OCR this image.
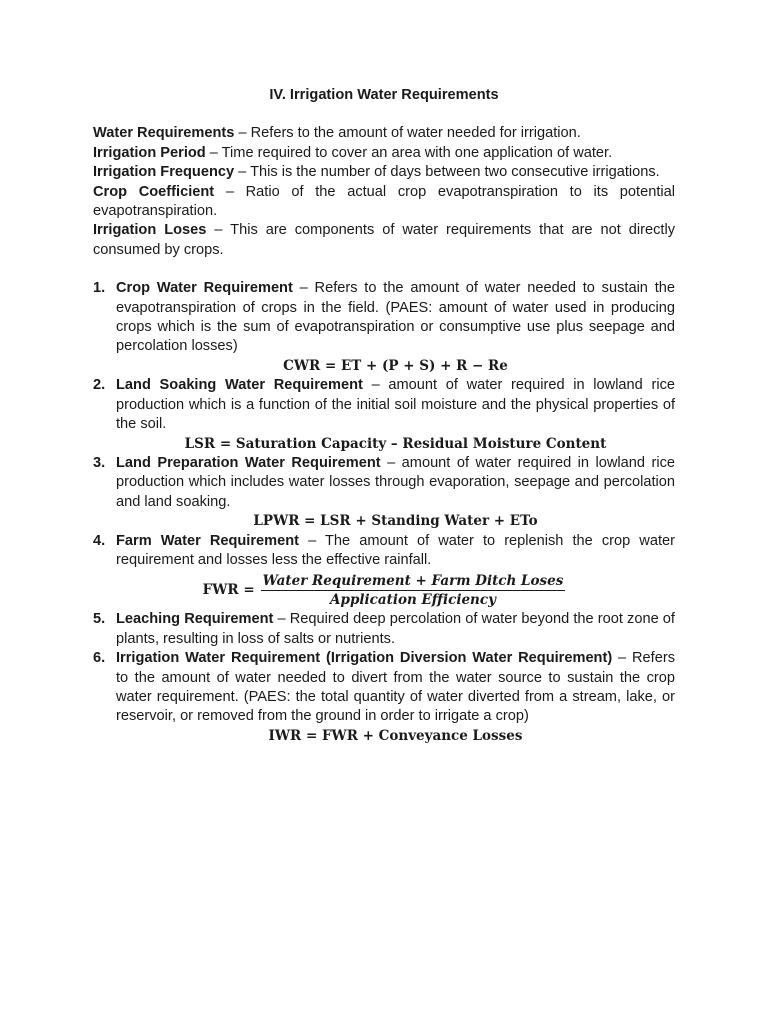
IV. Irrigation Water Requirements
Water Requirements – Refers to the amount of water needed for irrigation.
Irrigation Period – Time required to cover an area with one application of water.
Irrigation Frequency – This is the number of days between two consecutive irrigations.
Crop Coefficient – Ratio of the actual crop evapotranspiration to its potential evapotranspiration.
Irrigation Loses – This are components of water requirements that are not directly consumed by crops.
1. Crop Water Requirement – Refers to the amount of water needed to sustain the evapotranspiration of crops in the field. (PAES: amount of water used in producing crops which is the sum of evapotranspiration or consumptive use plus seepage and percolation losses)
CWR = ET + (P + S) + R − Re
2. Land Soaking Water Requirement – amount of water required in lowland rice production which is a function of the initial soil moisture and the physical properties of the soil.
LSR = Saturation Capacity – Residual Moisture Content
3. Land Preparation Water Requirement – amount of water required in lowland rice production which includes water losses through evaporation, seepage and percolation and land soaking.
LPWR = LSR + Standing Water + ETo
4. Farm Water Requirement – The amount of water to replenish the crop water requirement and losses less the effective rainfall.
FWR = $\frac{\text{Water Requirement + Farm Ditch Loses}}{\text{Application Efficiency}}$
5. Leaching Requirement – Required deep percolation of water beyond the root zone of plants, resulting in loss of salts or nutrients.
6. Irrigation Water Requirement (Irrigation Diversion Water Requirement) – Refers to the amount of water needed to divert from the water source to sustain the crop water requirement. (PAES: the total quantity of water diverted from a stream, lake, or reservoir, or removed from the ground in order to irrigate a crop)
IWR = FWR + Conveyance Losses
